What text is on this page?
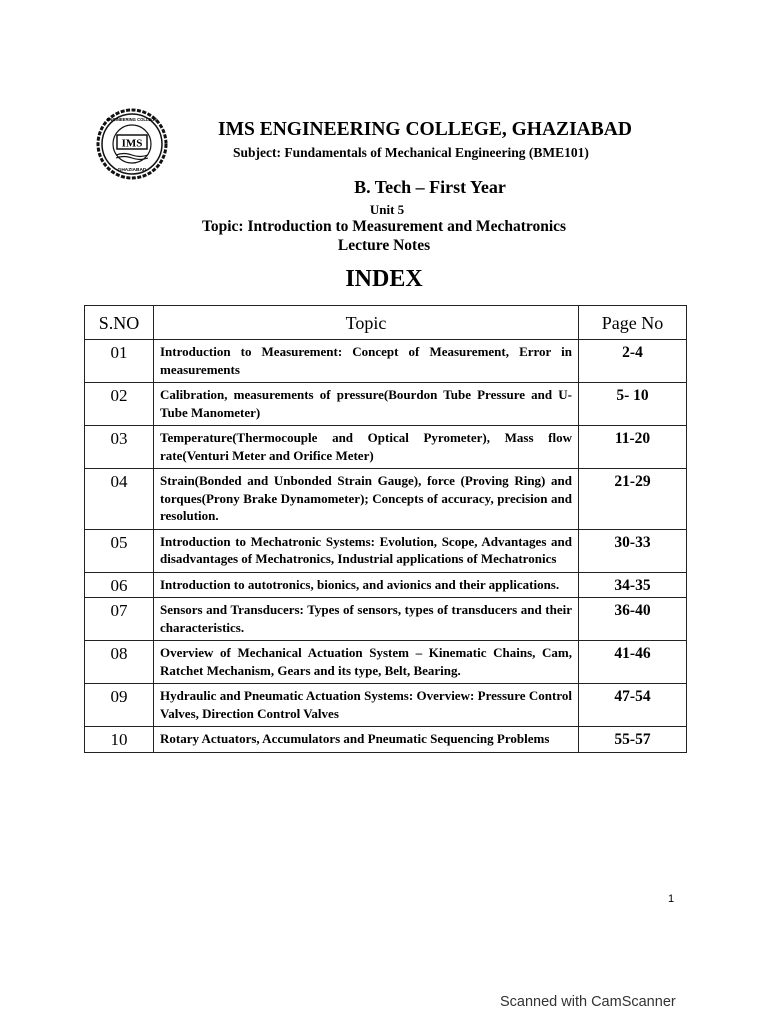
IMS
ENGINEERING COLLEGE
GHAZIABAD
IMS ENGINEERING COLLEGE, GHAZIABAD
Subject: Fundamentals of Mechanical Engineering (BME101)
B. Tech – First Year
Unit 5
Topic: Introduction to Measurement and Mechatronics
Lecture Notes
INDEX
S.NO	Topic	Page No
01	Introduction to Measurement: Concept of Measurement, Error in measurements	2-4
02	Calibration, measurements of pressure(Bourdon Tube Pressure and U-Tube Manometer)	5- 10
03	Temperature(Thermocouple and Optical Pyrometer), Mass flow rate(Venturi Meter and Orifice Meter)	11-20
04	Strain(Bonded and Unbonded Strain Gauge), force (Proving Ring) and torques(Prony Brake Dynamometer); Concepts of accuracy, precision and resolution.	21-29
05	Introduction to Mechatronic Systems: Evolution, Scope, Advantages and disadvantages of Mechatronics, Industrial applications of Mechatronics	30-33
06	Introduction to autotronics, bionics, and avionics and their applications.	34-35
07	Sensors and Transducers: Types of sensors, types of transducers and their characteristics.	36-40
08	Overview of Mechanical Actuation System – Kinematic Chains, Cam, Ratchet Mechanism, Gears and its type, Belt, Bearing.	41-46
09	Hydraulic and Pneumatic Actuation Systems: Overview: Pressure Control Valves, Direction Control Valves	47-54
10	Rotary Actuators, Accumulators and Pneumatic Sequencing Problems	55-57
1
Scanned with CamScanner
